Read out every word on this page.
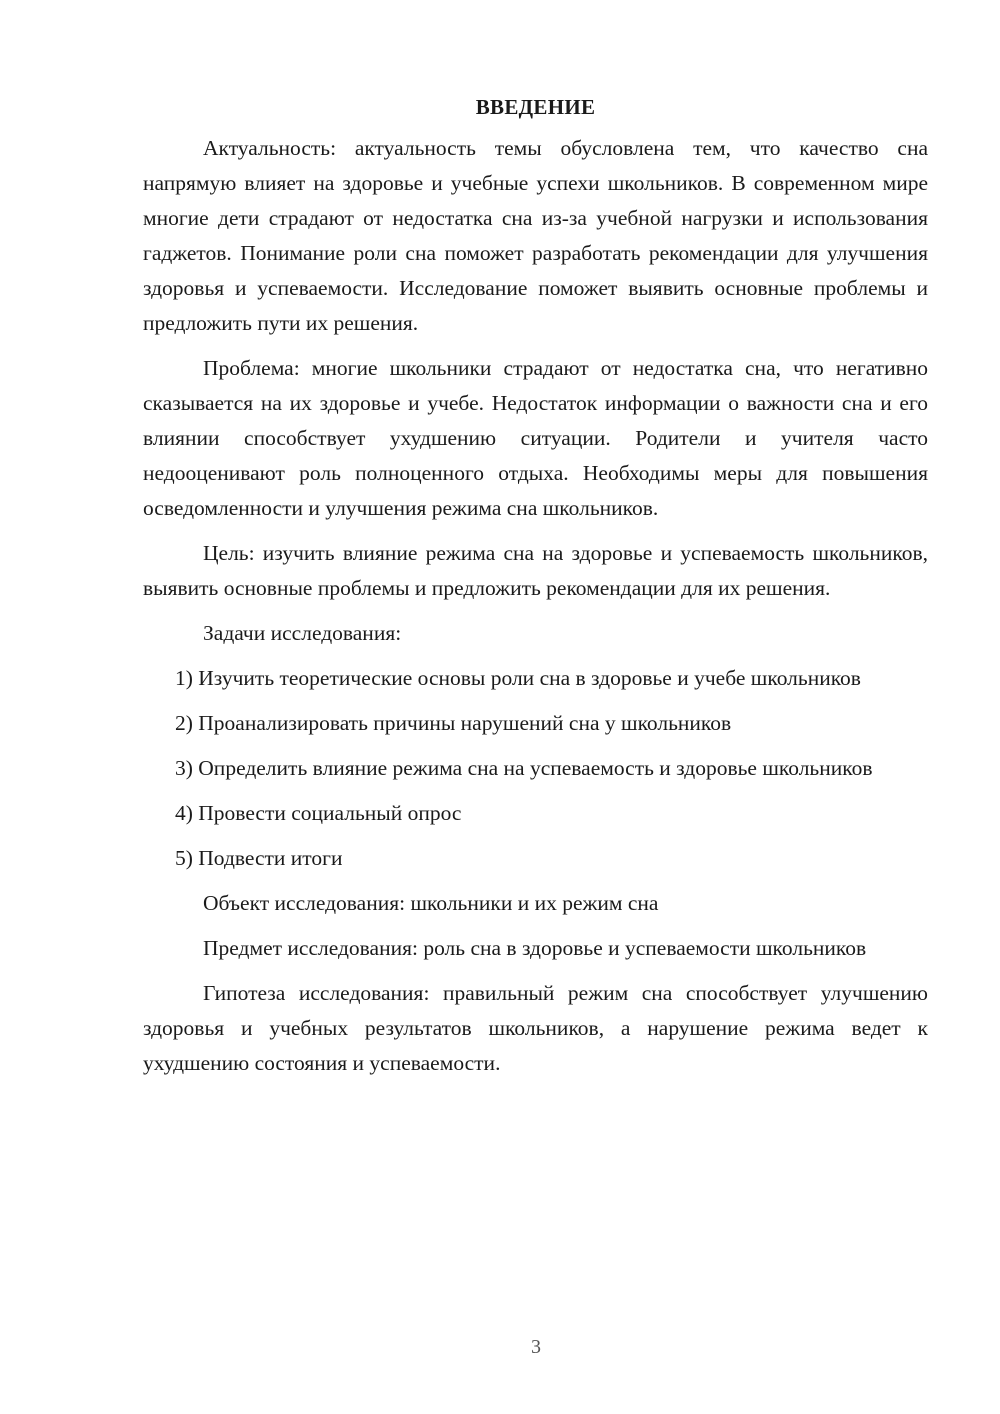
ВВЕДЕНИЕ

Актуальность: актуальность темы обусловлена тем, что качество сна напрямую влияет на здоровье и учебные успехи школьников. В современном мире многие дети страдают от недостатка сна из-за учебной нагрузки и использования гаджетов. Понимание роли сна поможет разработать рекомендации для улучшения здоровья и успеваемости. Исследование поможет выявить основные проблемы и предложить пути их решения.

Проблема: многие школьники страдают от недостатка сна, что негативно сказывается на их здоровье и учебе. Недостаток информации о важности сна и его влиянии способствует ухудшению ситуации. Родители и учителя часто недооценивают роль полноценного отдыха. Необходимы меры для повышения осведомленности и улучшения режима сна школьников.

Цель: изучить влияние режима сна на здоровье и успеваемость школьников, выявить основные проблемы и предложить рекомендации для их решения.

Задачи исследования:

1) Изучить теоретические основы роли сна в здоровье и учебе школьников

2) Проанализировать причины нарушений сна у школьников

3) Определить влияние режима сна на успеваемость и здоровье школьников

4) Провести социальный опрос

5) Подвести итоги

Объект исследования: школьники и их режим сна

Предмет исследования: роль сна в здоровье и успеваемости школьников

Гипотеза исследования: правильный режим сна способствует улучшению здоровья и учебных результатов школьников, а нарушение режима ведет к ухудшению состояния и успеваемости.

3
